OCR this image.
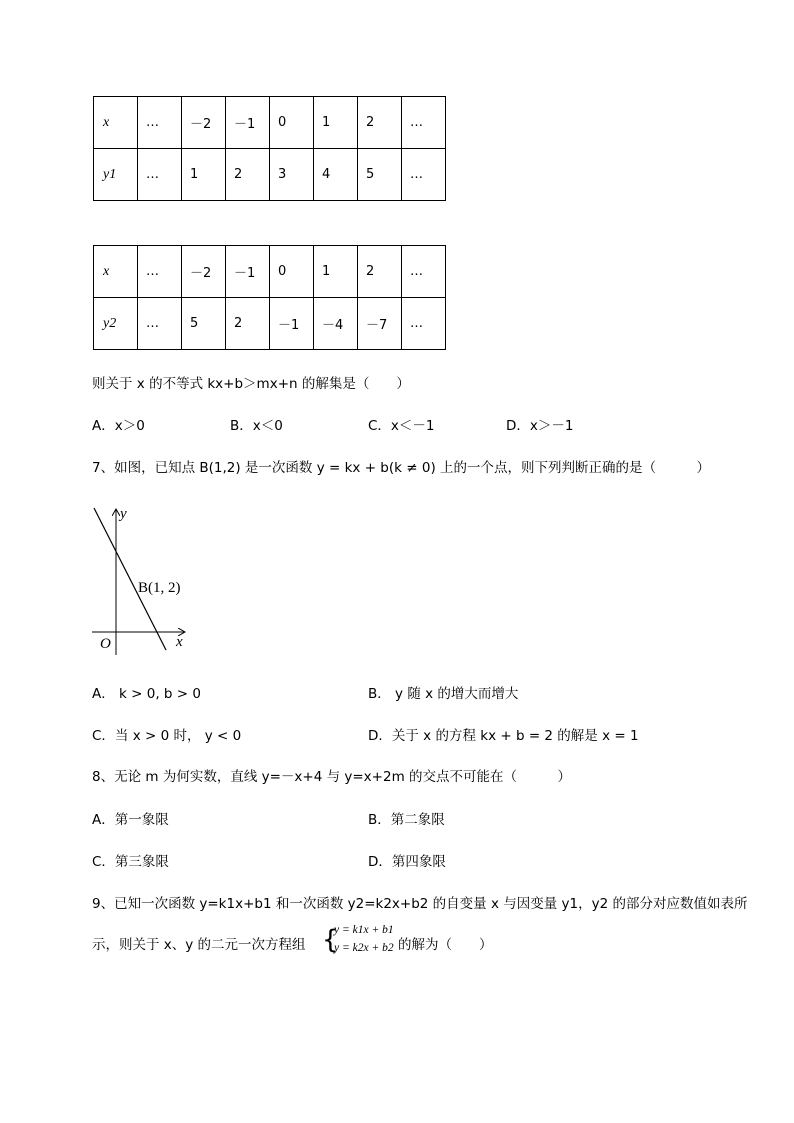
x	…	－2	－1	0	1	2	…
y1	…	1	2	3	4	5	…
x	…	－2	－1	0	1	2	…
y2	…	5	2	－1	－4	－7	…
则关于 x 的不等式 kx+b＞mx+n 的解集是（　　）
A．x＞0	B．x＜0	C．x＜－1	D．x＞－1
7、如图，已知点 B(1,2) 是一次函数 y = kx + b(k ≠ 0) 上的一个点，则下列判断正确的是（　　　）
y
x
O
B(1, 2)
A． k > 0, b > 0	B． y 随 x 的增大而增大
C．当 x > 0 时， y < 0	D．关于 x 的方程 kx + b = 2 的解是 x = 1
8、无论 m 为何实数，直线 y=－x+4 与 y=x+2m 的交点不可能在（　　　）
A．第一象限	B．第二象限
C．第三象限	D．第四象限
9、已知一次函数 y=k1x+b1 和一次函数 y2=k2x+b2 的自变量 x 与因变量 y1，y2 的部分对应数值如表所
示，则关于 x、y 的二元一次方程组 {
y = k1x + b1
y = k2x + b2 的解为（　　）
